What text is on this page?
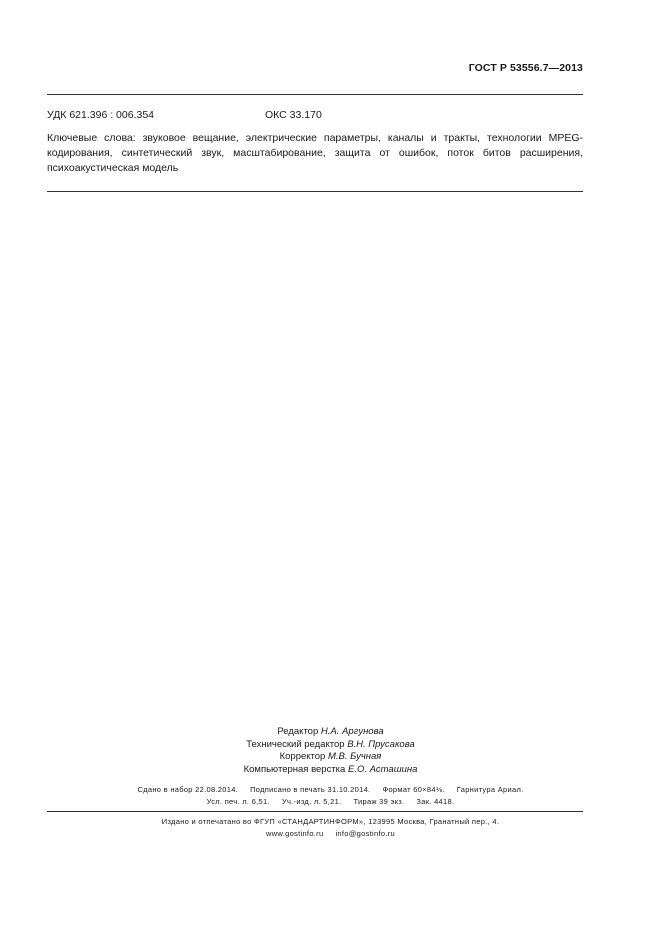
ГОСТ Р 53556.7—2013
УДК 621.396 : 006.354	ОКС 33.170
Ключевые слова: звуковое вещание, электрические параметры, каналы и тракты, технологии MPEG-кодирования, синтетический звук, масштабирование, защита от ошибок, поток битов расширения, психоакустическая модель
Редактор Н.А. Аргунова
Технический редактор В.Н. Прусакова
Корректор М.В. Бучная
Компьютерная верстка Е.О. Асташина
Сдано в набор 22.08.2014. Подписано в печать 31.10.2014. Формат 60×84⅛. Гарнитура Ариал.
Усл. печ. л. 6,51. Уч.-изд. л. 5,21. Тираж 39 экз. Зак. 4418.
Издано и отпечатано во ФГУП «СТАНДАРТИНФОРМ», 123995 Москва, Гранатный пер., 4.
www.gostinfo.ru info@gostinfo.ru
